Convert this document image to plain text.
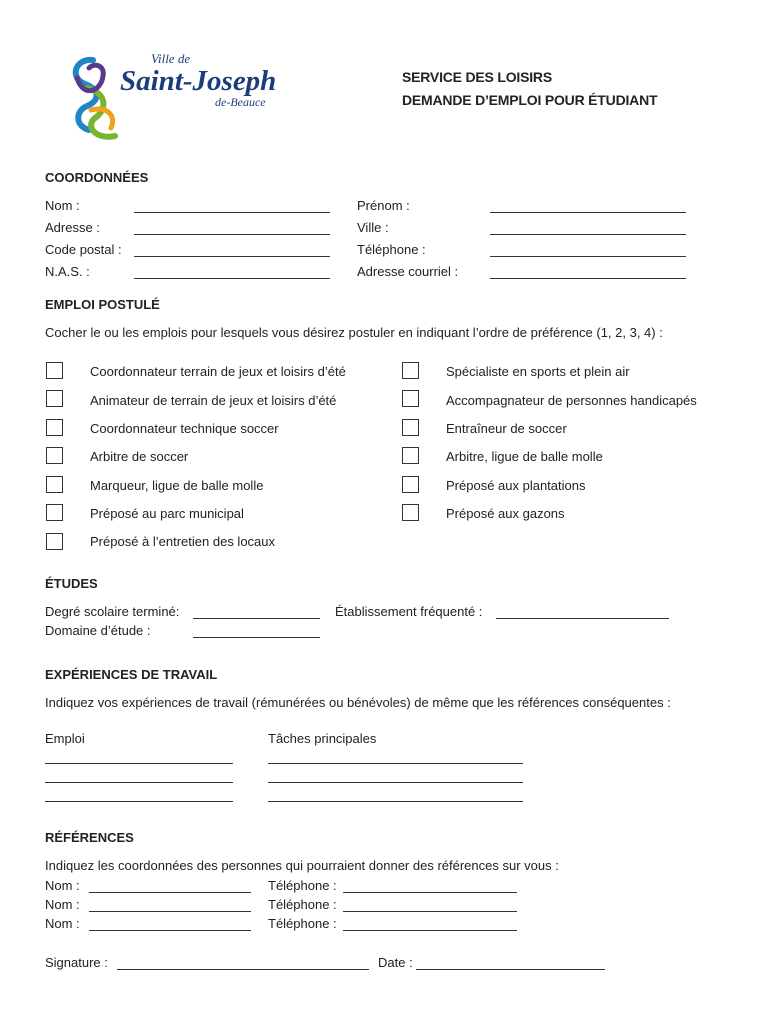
Ville de
Saint-Joseph
de-Beauce
SERVICE DES LOISIRS
DEMANDE D’EMPLOI POUR ÉTUDIANT
COORDONNÉES
Nom :
Adresse :
Code postal :
N.A.S. :
Prénom :
Ville :
Téléphone :
Adresse courriel :
EMPLOI POSTULÉ
Cocher le ou les emplois pour lesquels vous désirez postuler en indiquant l’ordre de préférence (1, 2, 3, 4) :
Coordonnateur terrain de jeux et loisirs d’été
Animateur de terrain de jeux et loisirs d’été
Coordonnateur technique soccer
Arbitre de soccer
Marqueur, ligue de balle molle
Préposé au parc municipal
Préposé à l’entretien des locaux
Spécialiste en sports et plein air
Accompagnateur de personnes handicapés
Entraîneur de soccer
Arbitre, ligue de balle molle
Préposé aux plantations
Préposé aux gazons
ÉTUDES
Degré scolaire terminé:	Établissement fréquenté :
Domaine d’étude :
EXPÉRIENCES DE TRAVAIL
Indiquez vos expériences de travail (rémunérées ou bénévoles) de même que les références conséquentes :
Emploi	Tâches principales
RÉFÉRENCES
Indiquez les coordonnées des personnes qui pourraient donner des références sur vous :
Nom :	Téléphone :
Nom :	Téléphone :
Nom :	Téléphone :
Signature :	Date :
